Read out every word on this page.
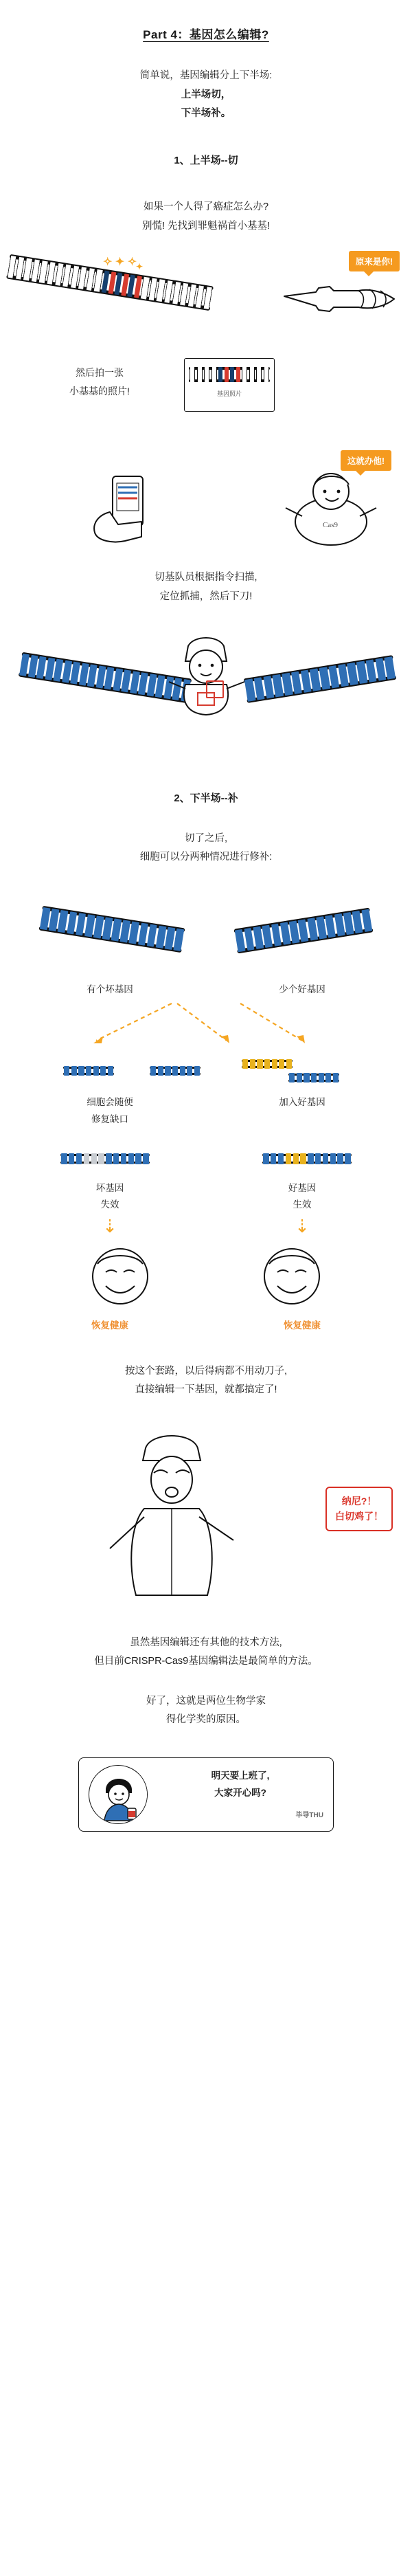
Part 4：基因怎么编辑?
简单说，基因编辑分上下半场:
上半场切，
下半场补。
1、上半场--切
如果一个人得了癌症怎么办?
别慌! 先找到罪魁祸首小基基!
✧ ✦ ✧
✦	原来是你!
然后拍一张
小基基的照片!	基因照片
这就办他!
Cas9
切基队员根据指令扫描,
定位抓捕，然后下刀!
2、下半场--补
切了之后,
细胞可以分两种情况进行修补:
有个坏基因	少个好基因
细胞会随便
修复缺口
加入好基因
坏基因
失效
好基因
生效
⇣	⇣
恢复健康	恢复健康
按这个套路，以后得病都不用动刀子,
直接编辑一下基因，就都搞定了!
纳尼?！
白切鸡了！
虽然基因编辑还有其他的技术方法,
但目前CRISPR-Cas9基因编辑法是最简单的方法。
好了，这就是两位生物学家
得化学奖的原因。
明天要上班了,
大家开心吗?
毕导THU
